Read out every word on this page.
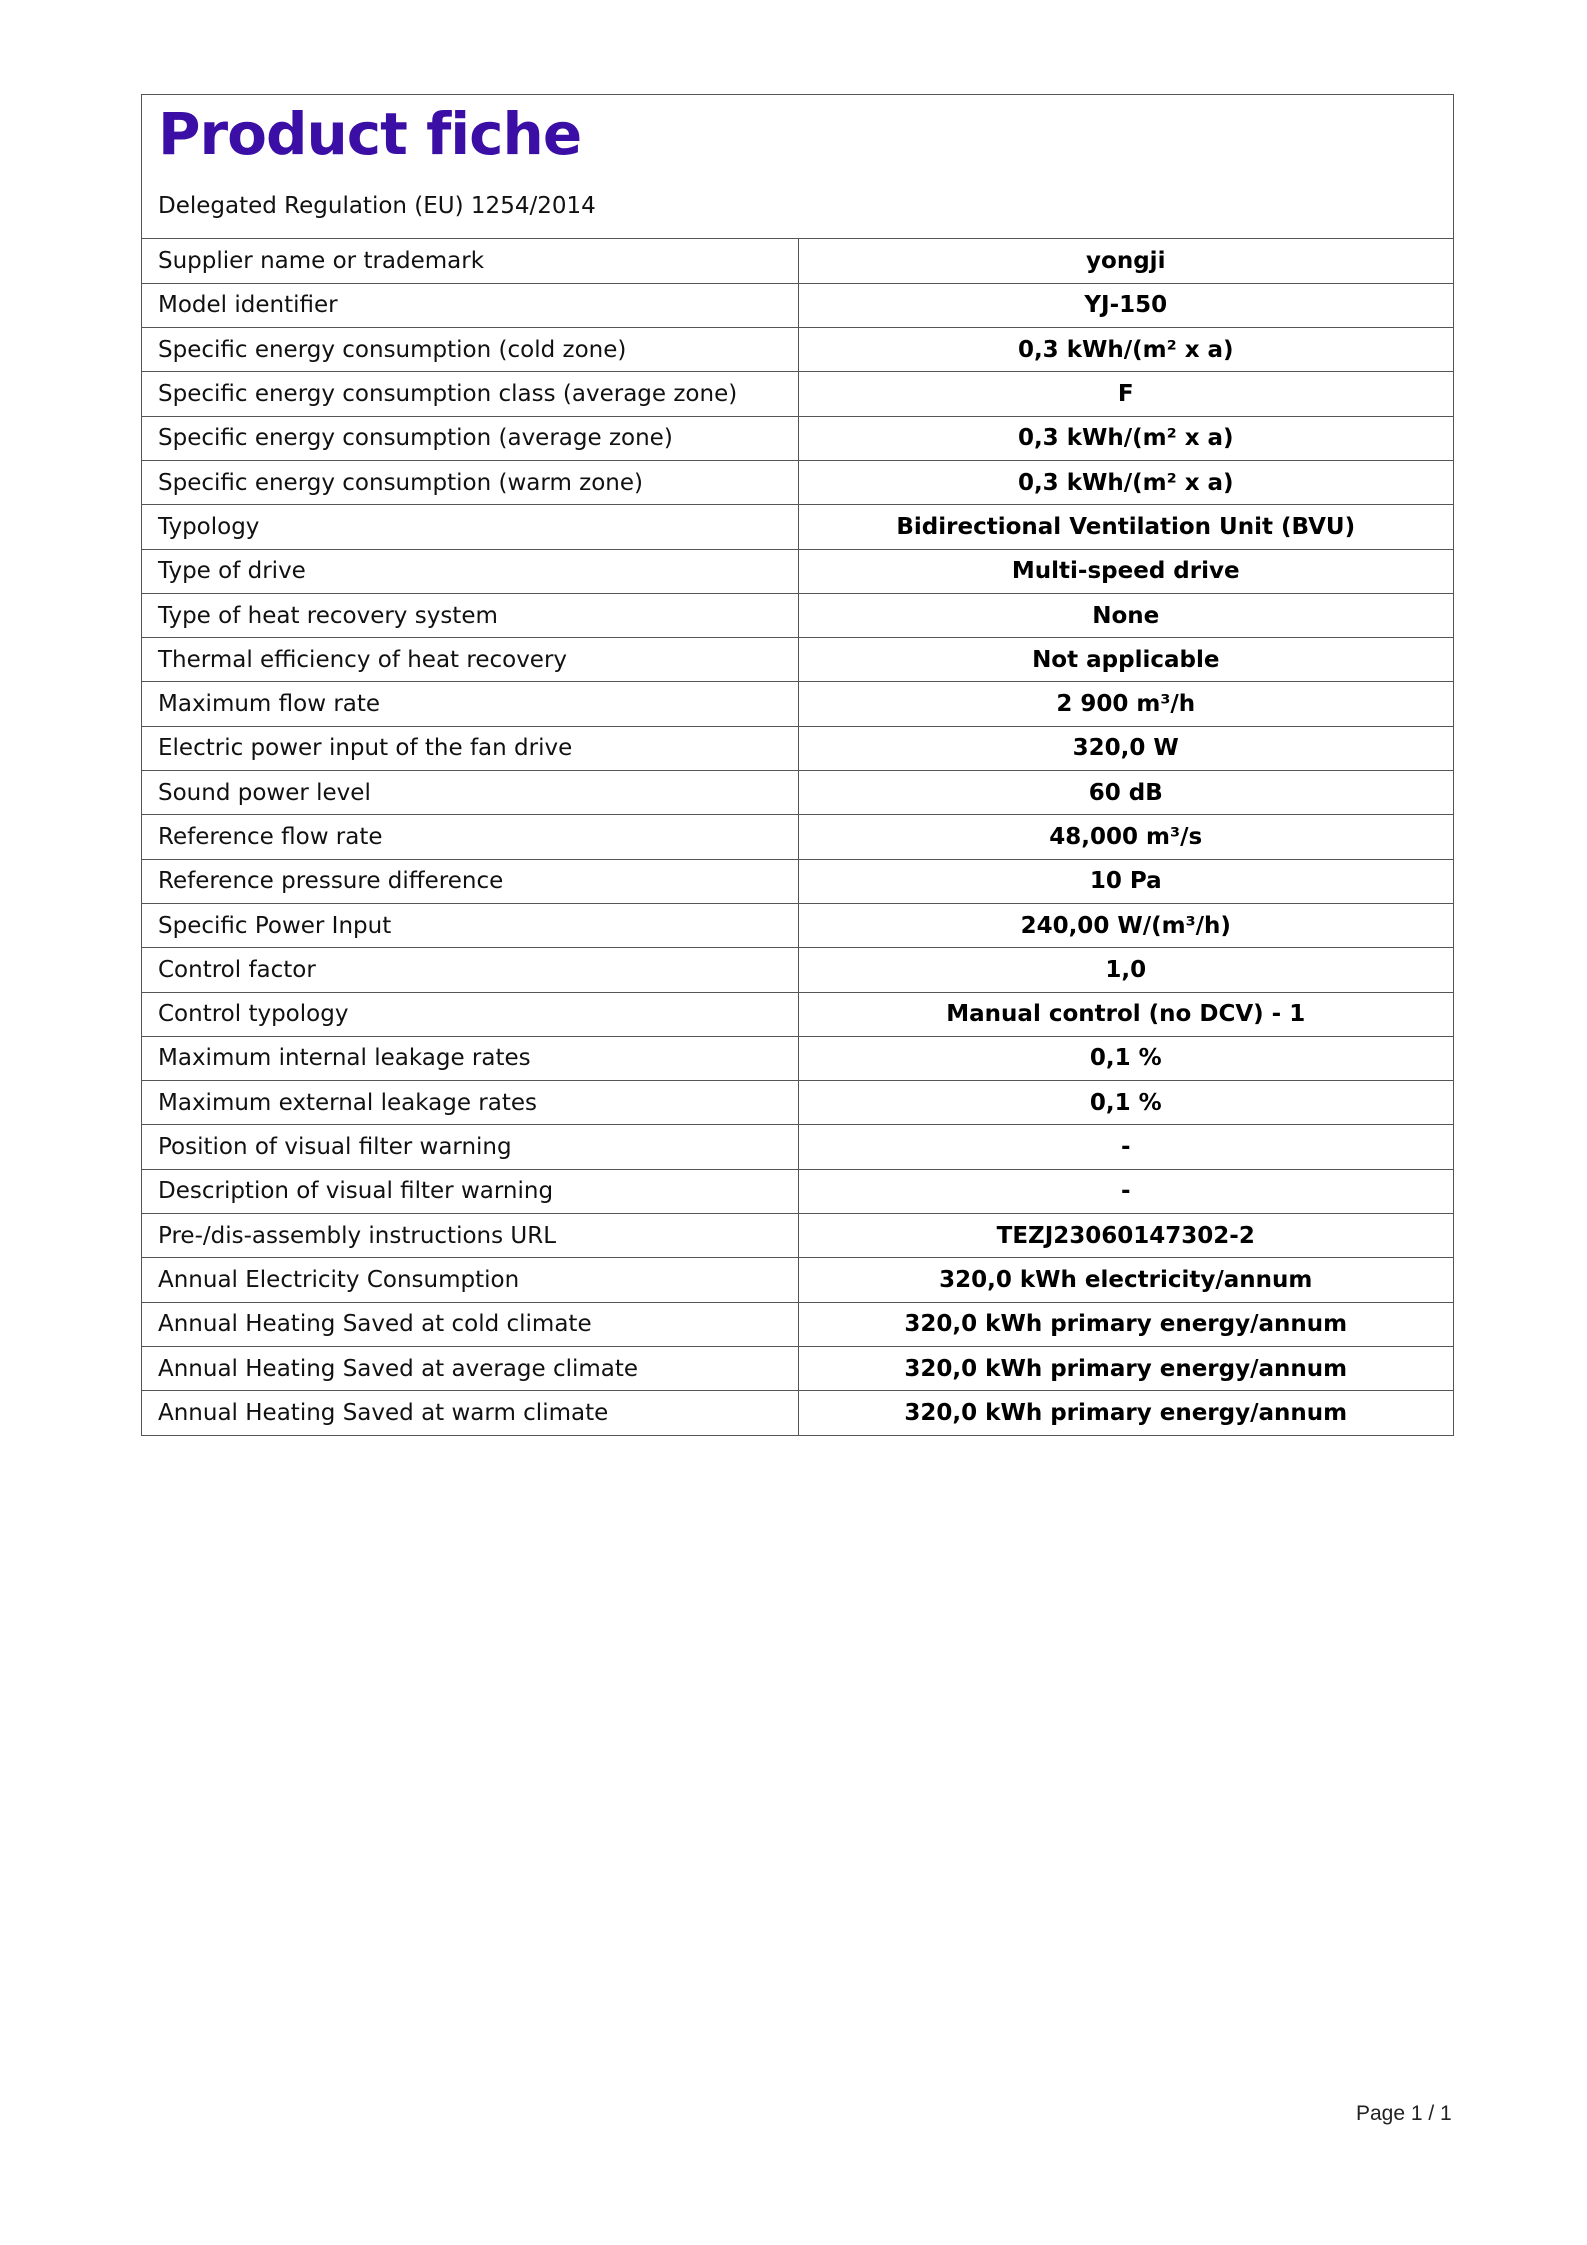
Product fiche
Delegated Regulation (EU) 1254/2014
Supplier name or trademark	yongji
Model identifier	YJ-150
Specific energy consumption (cold zone)	0,3 kWh/(m² x a)
Specific energy consumption class (average zone)	F
Specific energy consumption (average zone)	0,3 kWh/(m² x a)
Specific energy consumption (warm zone)	0,3 kWh/(m² x a)
Typology	Bidirectional Ventilation Unit (BVU)
Type of drive	Multi-speed drive
Type of heat recovery system	None
Thermal efficiency of heat recovery	Not applicable
Maximum flow rate	2 900 m³/h
Electric power input of the fan drive	320,0 W
Sound power level	60 dB
Reference flow rate	48,000 m³/s
Reference pressure difference	10 Pa
Specific Power Input	240,00 W/(m³/h)
Control factor	1,0
Control typology	Manual control (no DCV) - 1
Maximum internal leakage rates	0,1 %
Maximum external leakage rates	0,1 %
Position of visual filter warning	-
Description of visual filter warning	-
Pre-/dis-assembly instructions URL	TEZJ23060147302-2
Annual Electricity Consumption	320,0 kWh electricity/annum
Annual Heating Saved at cold climate	320,0 kWh primary energy/annum
Annual Heating Saved at average climate	320,0 kWh primary energy/annum
Annual Heating Saved at warm climate	320,0 kWh primary energy/annum
Page 1 / 1
